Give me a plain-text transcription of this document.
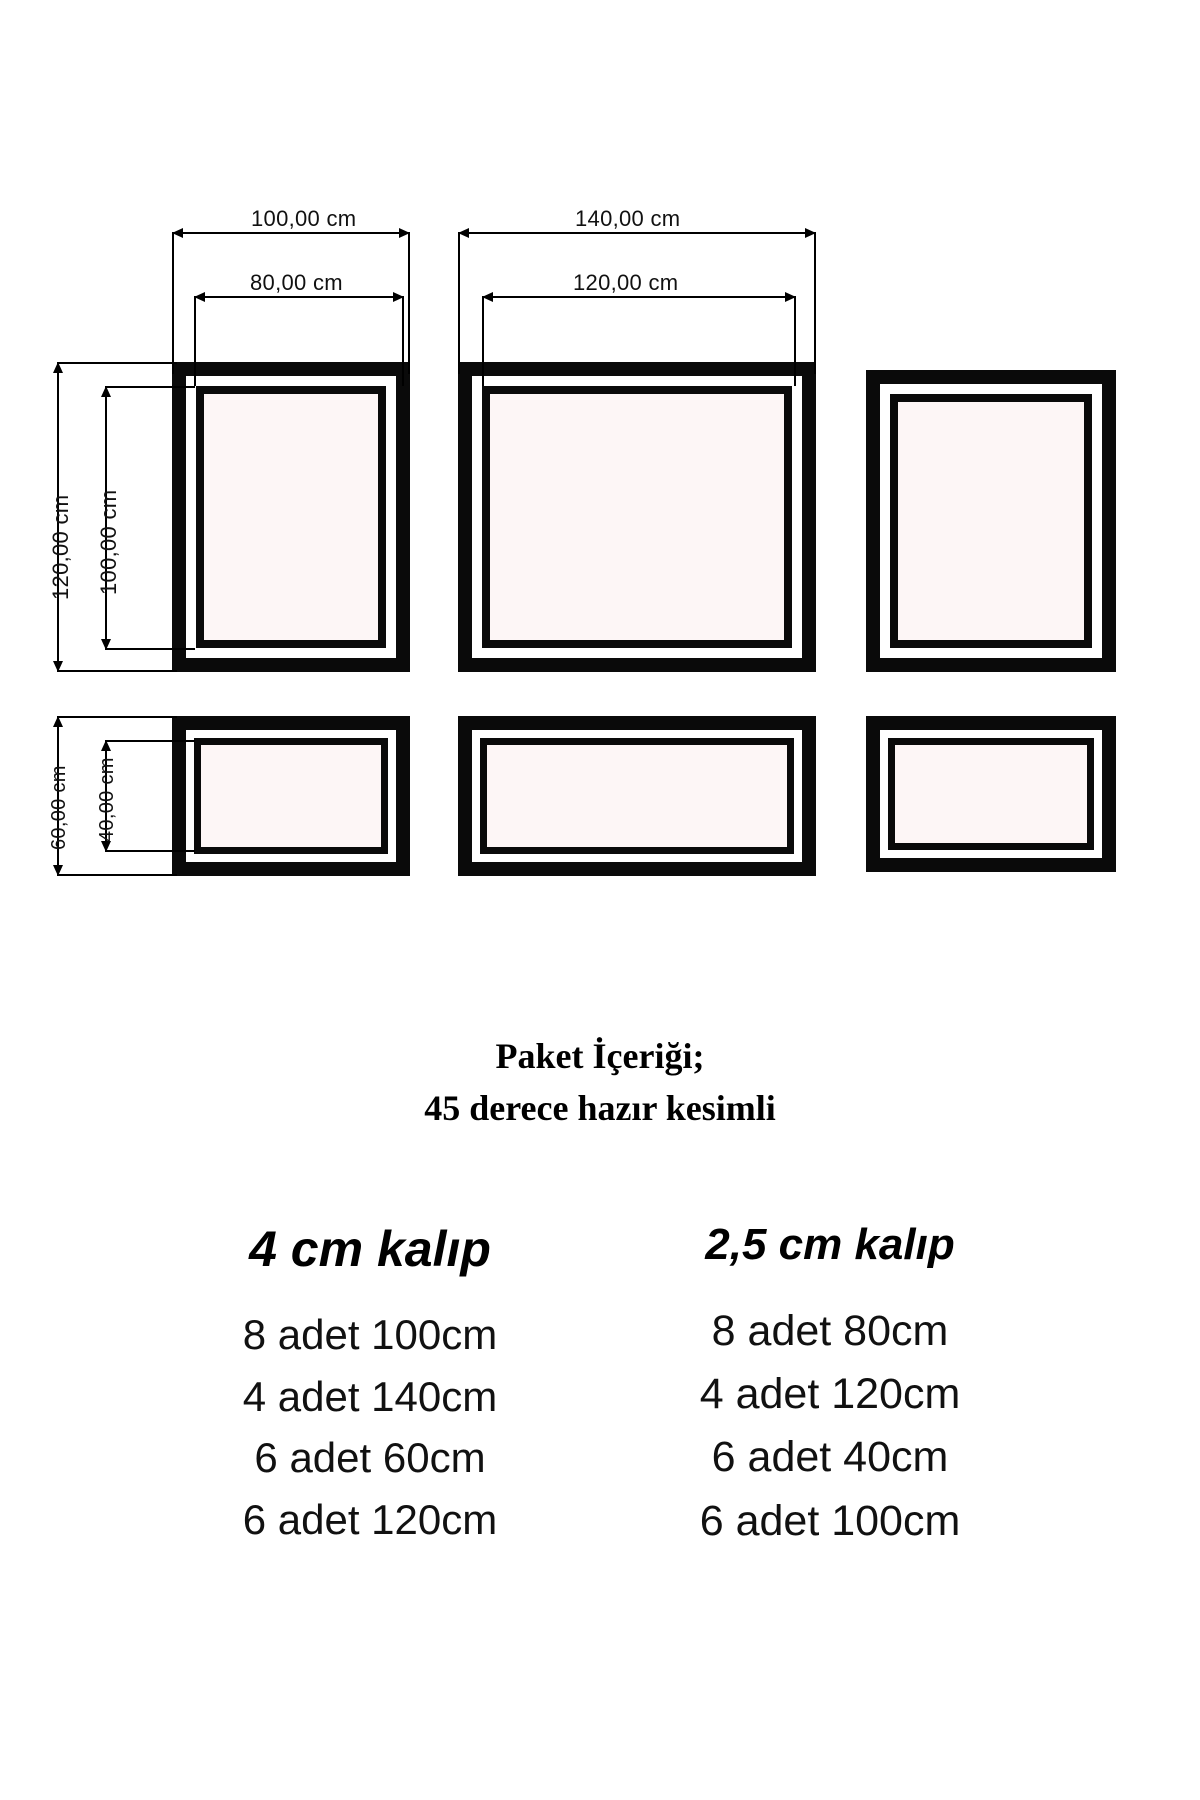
100,00 cm
80,00 cm
140,00 cm
120,00 cm
120,00 cm 100,00 cm
60,00 cm 40,00 cm
Paket İçeriği;
45 derece hazır kesimli
4 cm kalıp
8 adet 100cm
4 adet 140cm
6 adet 60cm
6 adet 120cm
2,5 cm kalıp
8 adet 80cm
4 adet 120cm
6 adet 40cm
6 adet 100cm
